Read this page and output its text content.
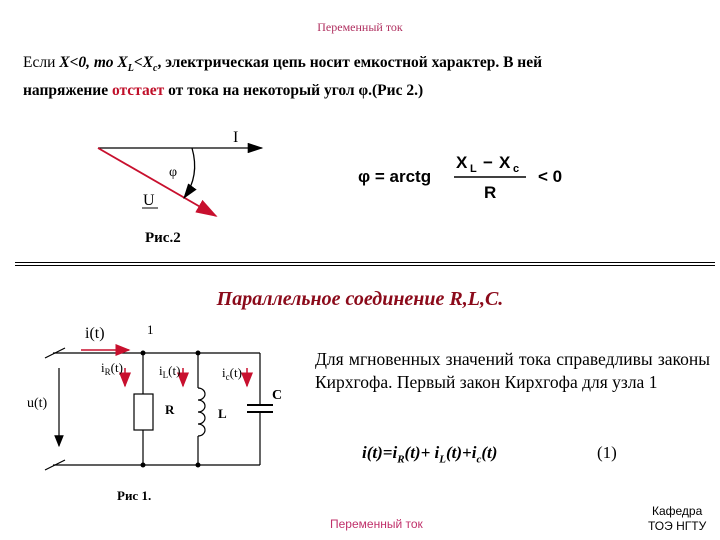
Переменный ток
Если X<0, то $X_L<X_c$, электрическая цепь носит емкостной характер. В ней
напряжение отстает от тока на некоторый угол φ.(Рис 2.)
I
φ
U
Рис.2
φ = arctg
X L − X c
R
< 0
Параллельное соединение R,L,C.
i(t)	1
$i_R(t)$	$i_L(t)$	$i_c(t)$
u(t)	R	L
C
Рис 1.
Для мгновенных значений тока справедливы законы Кирхгофа. Первый закон Кирхгофа для узла 1
$i(t)=i_R(t)+ i_L(t)+i_c(t)$	(1)
Переменный ток
Кафедра
ТОЭ НГТУ
